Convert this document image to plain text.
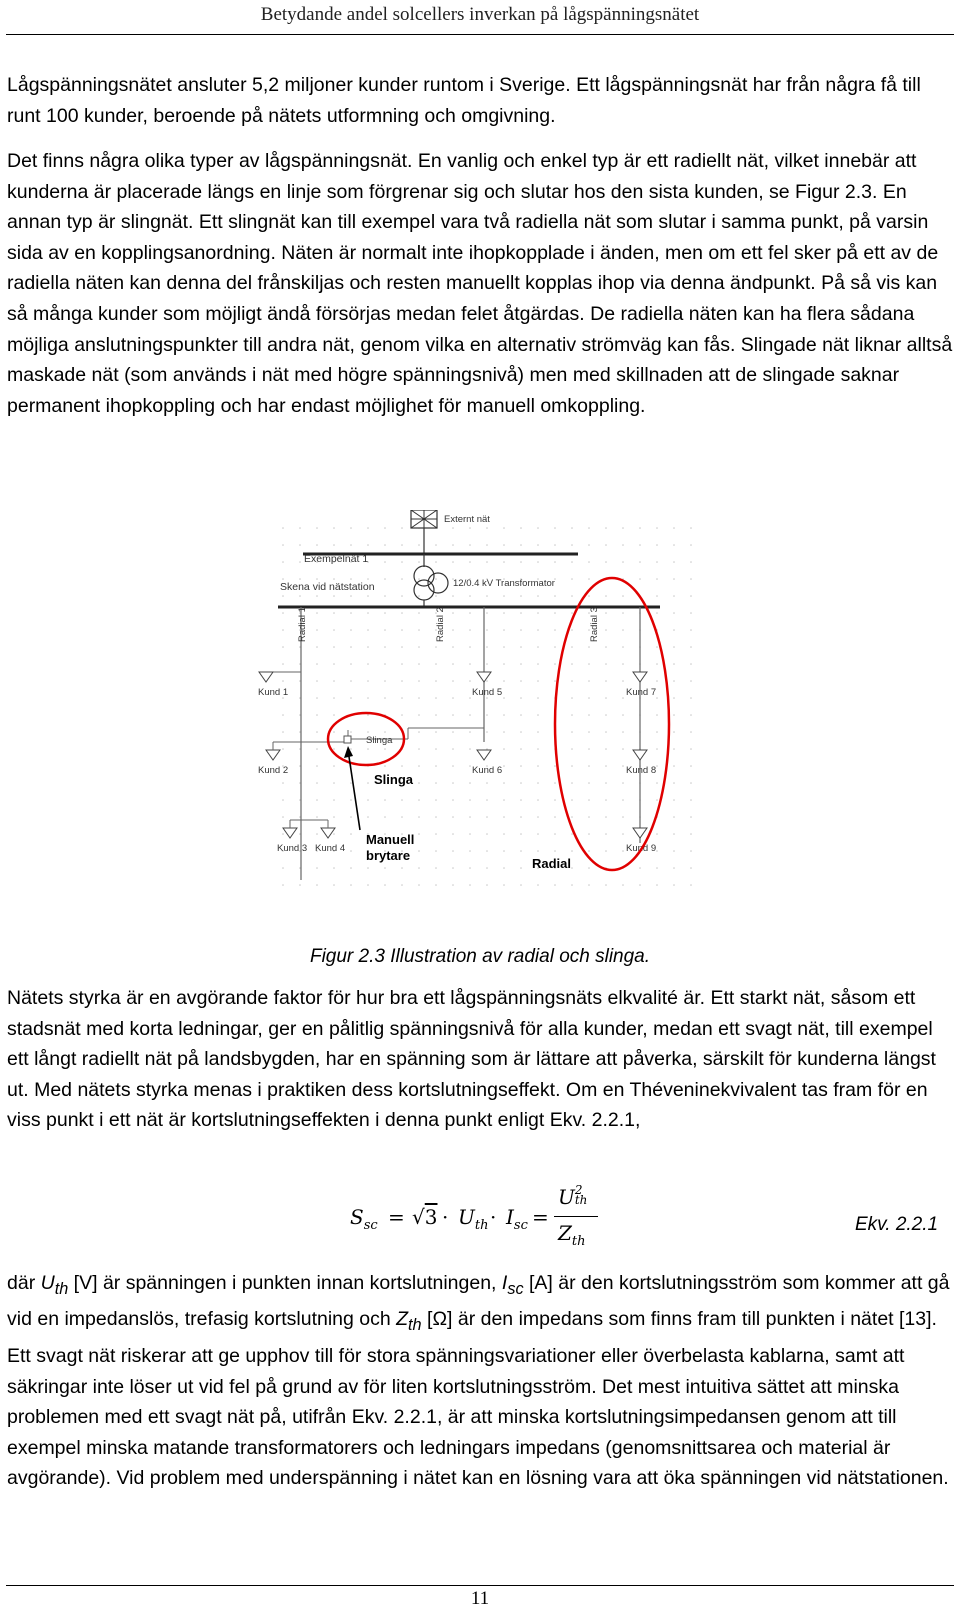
Betydande andel solcellers inverkan på lågspänningsnätet

Lågspänningsnätet ansluter 5,2 miljoner kunder runtom i Sverige. Ett lågspänningsnät har från några få till runt 100 kunder, beroende på nätets utformning och omgivning.

Det finns några olika typer av lågspänningsnät. En vanlig och enkel typ är ett radiellt nät, vilket innebär att kunderna är placerade längs en linje som förgrenar sig och slutar hos den sista kunden, se Figur 2.3. En annan typ är slingnät. Ett slingnät kan till exempel vara två radiella nät som slutar i samma punkt, på varsin sida av en kopplingsanordning. Näten är normalt inte ihopkopplade i änden, men om ett fel sker på ett av de radiella näten kan denna del frånskiljas och resten manuellt kopplas ihop via denna ändpunkt. På så vis kan så många kunder som möjligt ändå försörjas medan felet åtgärdas. De radiella näten kan ha flera sådana möjliga anslutningspunkter till andra nät, genom vilka en alternativ strömväg kan fås. Slingade nät liknar alltså maskade nät (som används i nät med högre spänningsnivå) men med skillnaden att de slingade saknar permanent ihopkoppling och har endast möjlighet för manuell omkoppling.

Externt nät
Exempelnät 1
12/0.4 kV Transformator
Skena vid nätstation
Radial 1	Radial 2	Radial 3
Kund 1	Kund 5	Kund 7
Kund 2	Kund 6	Kund 8
Slinga
Slinga
Kund 3 Kund 4
Manuell
brytare	Kund 9
Radial
Figur 2.3 Illustration av radial och slinga.

Nätets styrka är en avgörande faktor för hur bra ett lågspänningsnäts elkvalité är. Ett starkt nät, såsom ett stadsnät med korta ledningar, ger en pålitlig spänningsnivå för alla kunder, medan ett svagt nät, till exempel ett långt radiellt nät på landsbygden, har en spänning som är lättare att påverka, särskilt för kunderna längst ut. Med nätets styrka menas i praktiken dess kortslutningseffekt. Om en Théveninekvivalent tas fram för en viss punkt i ett nät är kortslutningseffekten i denna punkt enligt Ekv. 2.2.1,

$S_{sc} = √3 \cdot U_{th} \cdot I_{sc}$ =
U 2
th
$Z_{th}$
Ekv. 2.2.1

där $U_{th}$ [V] är spänningen i punkten innan kortslutningen, $I_{sc}$ [A] är den kortslutningsström som kommer att gå vid en impedanslös, trefasig kortslutning och $Z_{th}$ [Ω] är den impedans som finns fram till punkten i nätet [13]. Ett svagt nät riskerar att ge upphov till för stora spänningsvariationer eller överbelasta kablarna, samt att säkringar inte löser ut vid fel på grund av för liten kortslutningsström. Det mest intuitiva sättet att minska problemen med ett svagt nät på, utifrån Ekv. 2.2.1, är att minska kortslutningsimpedansen genom att till exempel minska matande transformatorers och ledningars impedans (genomsnittsarea och material är avgörande). Vid problem med underspänning i nätet kan en lösning vara att öka spänningen vid nätstationen.

11
